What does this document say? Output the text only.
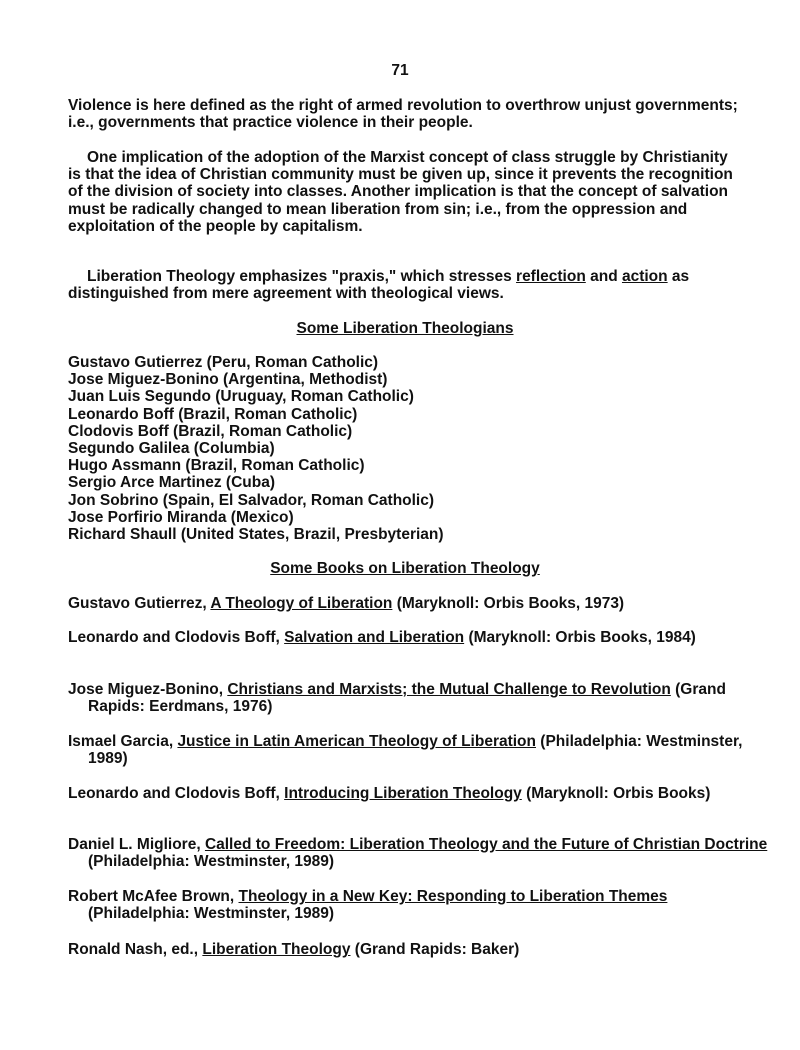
71
Violence is here defined as the right of armed revolution to overthrow unjust governments; i.e., governments that practice violence in their people.
One implication of the adoption of the Marxist concept of class struggle by Christianity is that the idea of Christian community must be given up, since it prevents the recognition of the division of society into classes. Another implication is that the concept of salvation must be radically changed to mean liberation from sin; i.e., from the oppression and exploitation of the people by capitalism.
Liberation Theology emphasizes "praxis," which stresses reflection and action as distinguished from mere agreement with theological views.
Some Liberation Theologians
Gustavo Gutierrez (Peru, Roman Catholic)
Jose Miguez-Bonino (Argentina, Methodist)
Juan Luis Segundo (Uruguay, Roman Catholic)
Leonardo Boff (Brazil, Roman Catholic)
Clodovis Boff (Brazil, Roman Catholic)
Segundo Galilea (Columbia)
Hugo Assmann (Brazil, Roman Catholic)
Sergio Arce Martinez (Cuba)
Jon Sobrino (Spain, El Salvador, Roman Catholic)
Jose Porfirio Miranda (Mexico)
Richard Shaull (United States, Brazil, Presbyterian)
Some Books on Liberation Theology
Gustavo Gutierrez, A Theology of Liberation (Maryknoll: Orbis Books, 1973)
Leonardo and Clodovis Boff, Salvation and Liberation (Maryknoll: Orbis Books, 1984)
Jose Miguez-Bonino, Christians and Marxists; the Mutual Challenge to Revolution (Grand Rapids: Eerdmans, 1976)
Ismael Garcia, Justice in Latin American Theology of Liberation (Philadelphia: Westminster, 1989)
Leonardo and Clodovis Boff, Introducing Liberation Theology (Maryknoll: Orbis Books)
Daniel L. Migliore, Called to Freedom: Liberation Theology and the Future of Christian Doctrine (Philadelphia: Westminster, 1989)
Robert McAfee Brown, Theology in a New Key: Responding to Liberation Themes (Philadelphia: Westminster, 1989)
Ronald Nash, ed., Liberation Theology (Grand Rapids: Baker)
